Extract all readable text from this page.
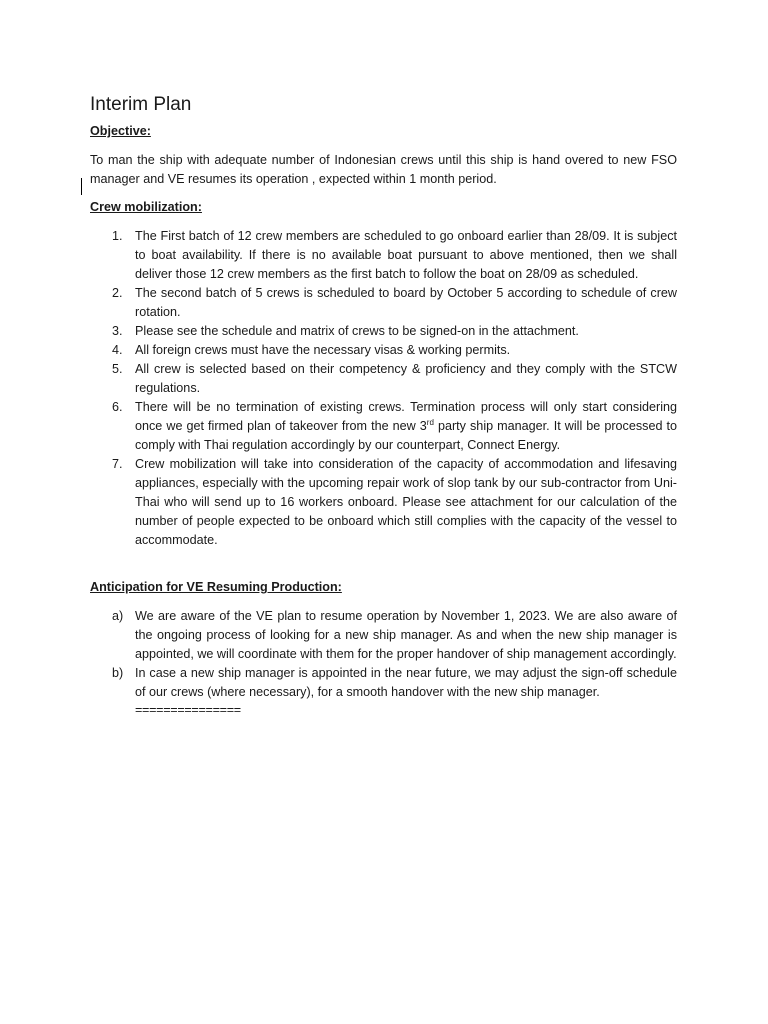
Interim Plan
Objective:

To man the ship with adequate number of Indonesian crews until this ship is hand overed to new FSO manager and VE resumes its operation , expected within 1 month period.

Crew mobilization:
1. The First batch of 12 crew members are scheduled to go onboard earlier than 28/09. It is subject to boat availability. If there is no available boat pursuant to above mentioned, then we shall deliver those 12 crew members as the first batch to follow the boat on 28/09 as scheduled.
2. The second batch of 5 crews is scheduled to board by October 5 according to schedule of crew rotation.
3. Please see the schedule and matrix of crews to be signed-on in the attachment.
4. All foreign crews must have the necessary visas & working permits.
5. All crew is selected based on their competency & proficiency and they comply with the STCW regulations.
6. There will be no termination of existing crews. Termination process will only start considering once we get firmed plan of takeover from the new 3rd party ship manager. It will be processed to comply with Thai regulation accordingly by our counterpart, Connect Energy.
7. Crew mobilization will take into consideration of the capacity of accommodation and lifesaving appliances, especially with the upcoming repair work of slop tank by our sub-contractor from Uni-Thai who will send up to 16 workers onboard. Please see attachment for our calculation of the number of people expected to be onboard which still complies with the capacity of the vessel to accommodate.
Anticipation for VE Resuming Production:
a) We are aware of the VE plan to resume operation by November 1, 2023. We are also aware of the ongoing process of looking for a new ship manager. As and when the new ship manager is appointed, we will coordinate with them for the proper handover of ship management accordingly.
b) In case a new ship manager is appointed in the near future, we may adjust the sign-off schedule of our crews (where necessary), for a smooth handover with the new ship manager.
===============
